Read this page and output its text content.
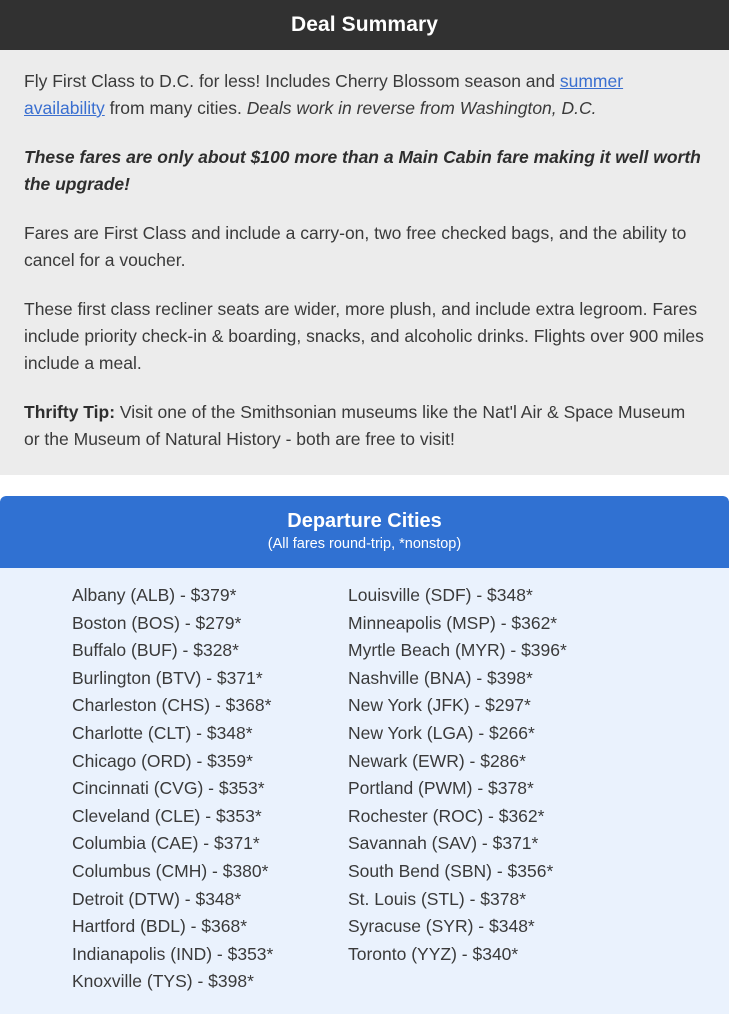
Deal Summary

Fly First Class to D.C. for less! Includes Cherry Blossom season and summer availability from many cities. Deals work in reverse from Washington, D.C.

These fares are only about $100 more than a Main Cabin fare making it well worth the upgrade!

Fares are First Class and include a carry-on, two free checked bags, and the ability to cancel for a voucher.

These first class recliner seats are wider, more plush, and include extra legroom. Fares include priority check-in & boarding, snacks, and alcoholic drinks. Flights over 900 miles include a meal.

Thrifty Tip: Visit one of the Smithsonian museums like the Nat'l Air & Space Museum or the Museum of Natural History - both are free to visit!

Departure Cities
(All fares round-trip, *nonstop)
Albany (ALB) - $379*
Boston (BOS) - $279*
Buffalo (BUF) - $328*
Burlington (BTV) - $371*
Charleston (CHS) - $368*
Charlotte (CLT) - $348*
Chicago (ORD) - $359*
Cincinnati (CVG) - $353*
Cleveland (CLE) - $353*
Columbia (CAE) - $371*
Columbus (CMH) - $380*
Detroit (DTW) - $348*
Hartford (BDL) - $368*
Indianapolis (IND) - $353*
Knoxville (TYS) - $398*
Louisville (SDF) - $348*
Minneapolis (MSP) - $362*
Myrtle Beach (MYR) - $396*
Nashville (BNA) - $398*
New York (JFK) - $297*
New York (LGA) - $266*
Newark (EWR) - $286*
Portland (PWM) - $378*
Rochester (ROC) - $362*
Savannah (SAV) - $371*
South Bend (SBN) - $356*
St. Louis (STL) - $378*
Syracuse (SYR) - $348*
Toronto (YYZ) - $340*
